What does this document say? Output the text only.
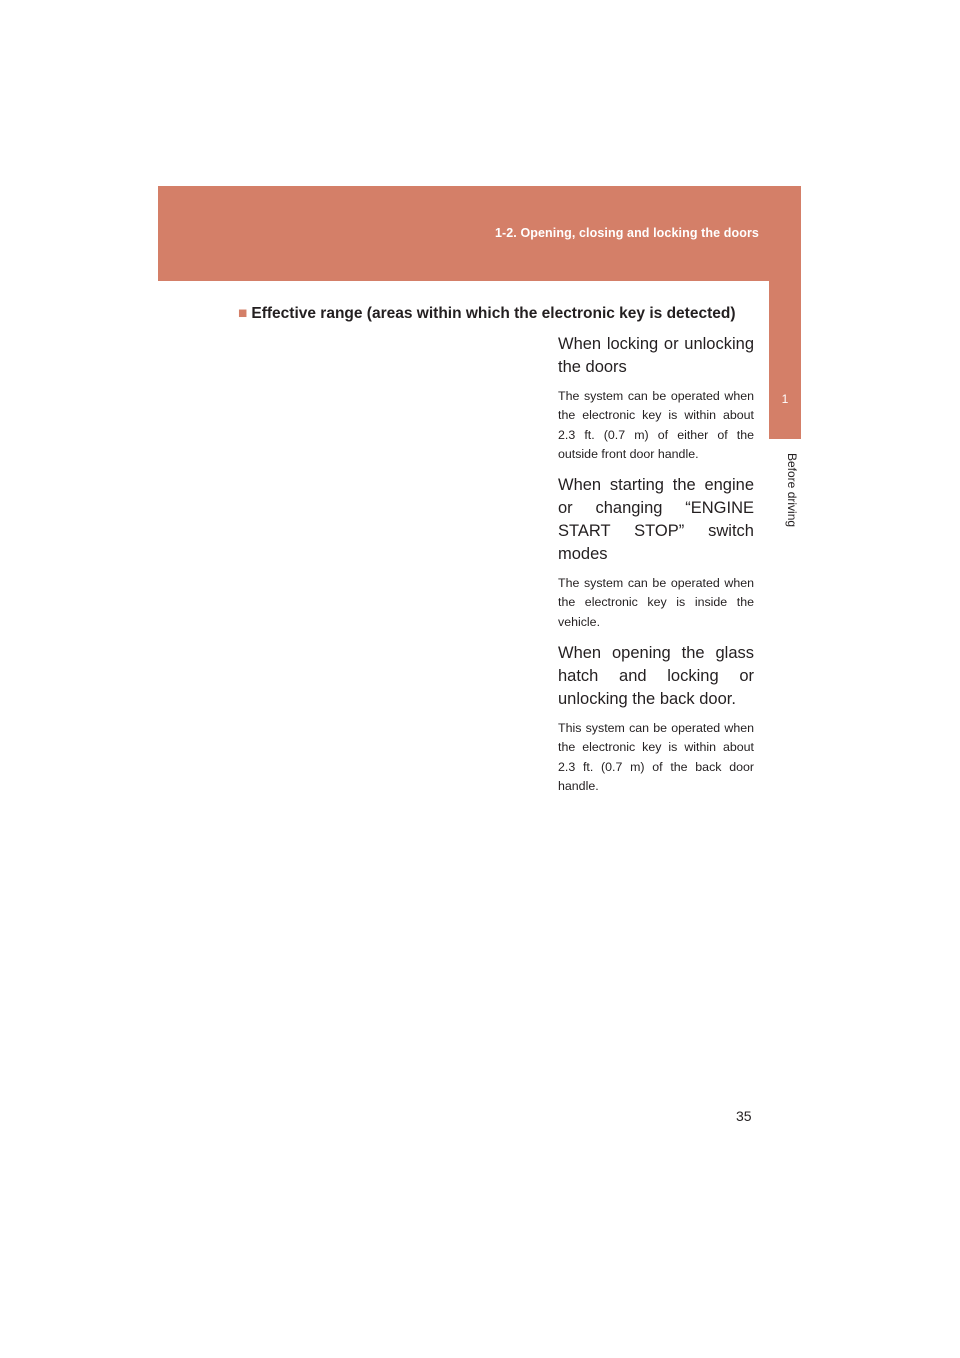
1-2. Opening, closing and locking the doors
1
Before driving
■ Effective range (areas within which the electronic key is detected)

When locking or unlocking the doors

The system can be operated when the electronic key is within about 2.3 ft. (0.7 m) of either of the outside front door handle.

When starting the engine or changing “ENGINE START STOP” switch modes

The system can be operated when the electronic key is inside the vehicle.

When opening the glass hatch and locking or unlocking the back door.

This system can be operated when the electronic key is within about 2.3 ft. (0.7 m) of the back door handle.

35
